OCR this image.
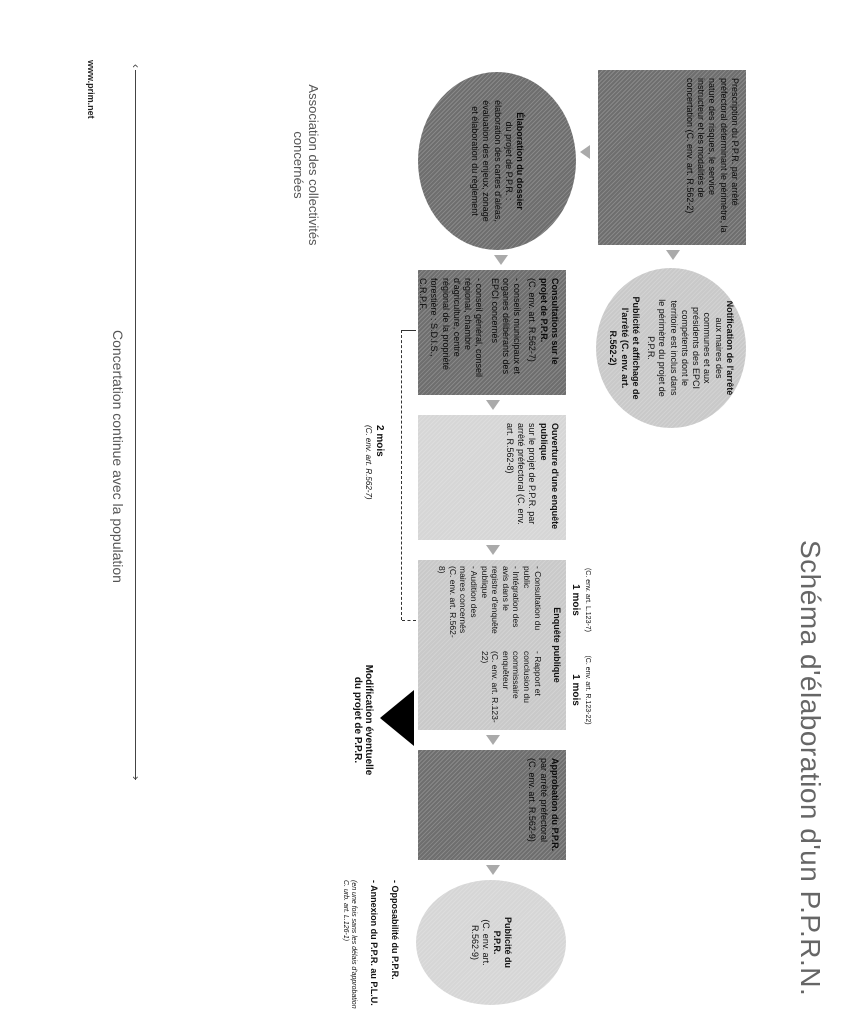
Schéma d'élaboration d'un P.P.R.N.
Prescription du P.P.R. par arrêté préfectoral déterminant le périmètre, la nature des risques, le service instructeur et les modalités de concertation (C. env. art. R.562-2)
Notification de l'arrêté
aux maires des communes et aux présidents des EPCI compétents dont le territoire est inclus dans le périmètre du projet de P.P.R.
Publicité et affichage de l'arrêté (C. env. art. R.562-2)
Élaboration du dossier
du projet de P.P.R. : élaboration des cartes d'aléas, évaluation des enjeux, zonage et élaboration du règlement
Association des collectivités concernées
Consultations sur le projet de P.P.R.
(C. env. art. R.562-7)
- conseils municipaux et organes délibérants des EPCI concernés
- conseil général, conseil régional, chambre d'agriculture, centre régional de la propriété forestière : S.D.I.S., C.R.P.F.
Ouverture d'une enquête publique
sur le projet de P.P.R. par arrêté préfectoral (C. env. art. R.562-8)
1 mois (C. env. art. L.123-7)
1 mois (C. env. art. R.123-22)
Enquête publique
- Consultation du public
- Intégration des avis dans le registre d'enquête publique
- Audition des maires concernés
(C. env. art. R.562-8)
- Rapport et conclusion du commissaire enquêteur
(C. env. art. R.123-22)
Modification éventuelle
du projet de P.P.R.
Approbation du P.P.R.
par arrêté préfectoral (C. env. art. R.562-9)
Publicité du P.P.R.
(C. env. art. R.562-9)

- Opposabilité du P.P.R.

- Annexion du P.P.R. au P.L.U.

(en une fois sans les délais d'approbation C. urb. art. L.126-1)

2 mois
(C. env. art. R.562-7)

‹
›
Concertation continue avec la population
www.prim.net
